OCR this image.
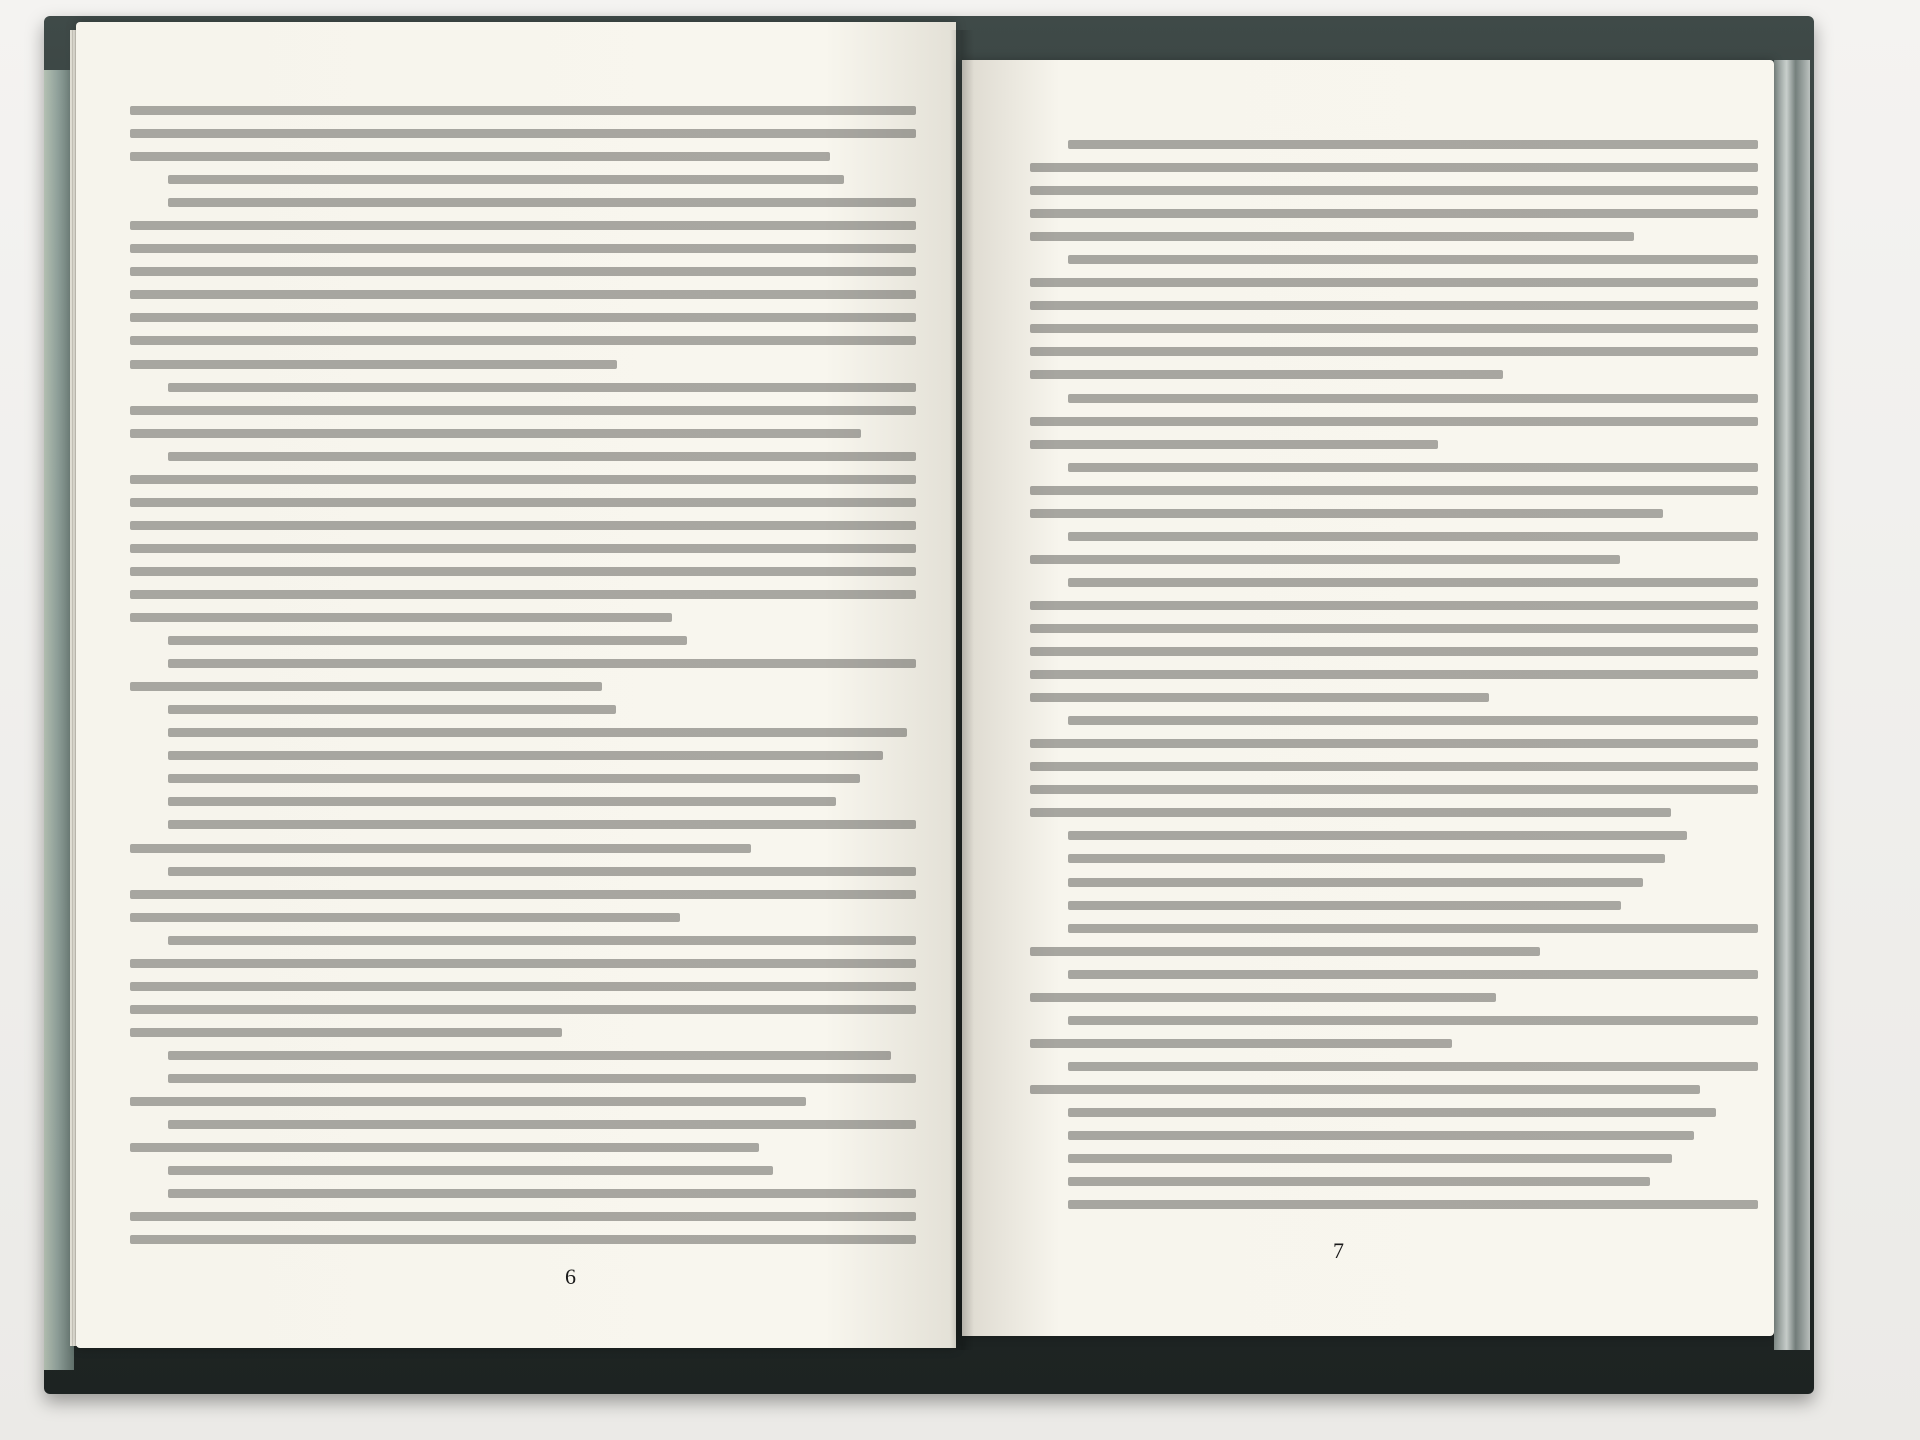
6
7
